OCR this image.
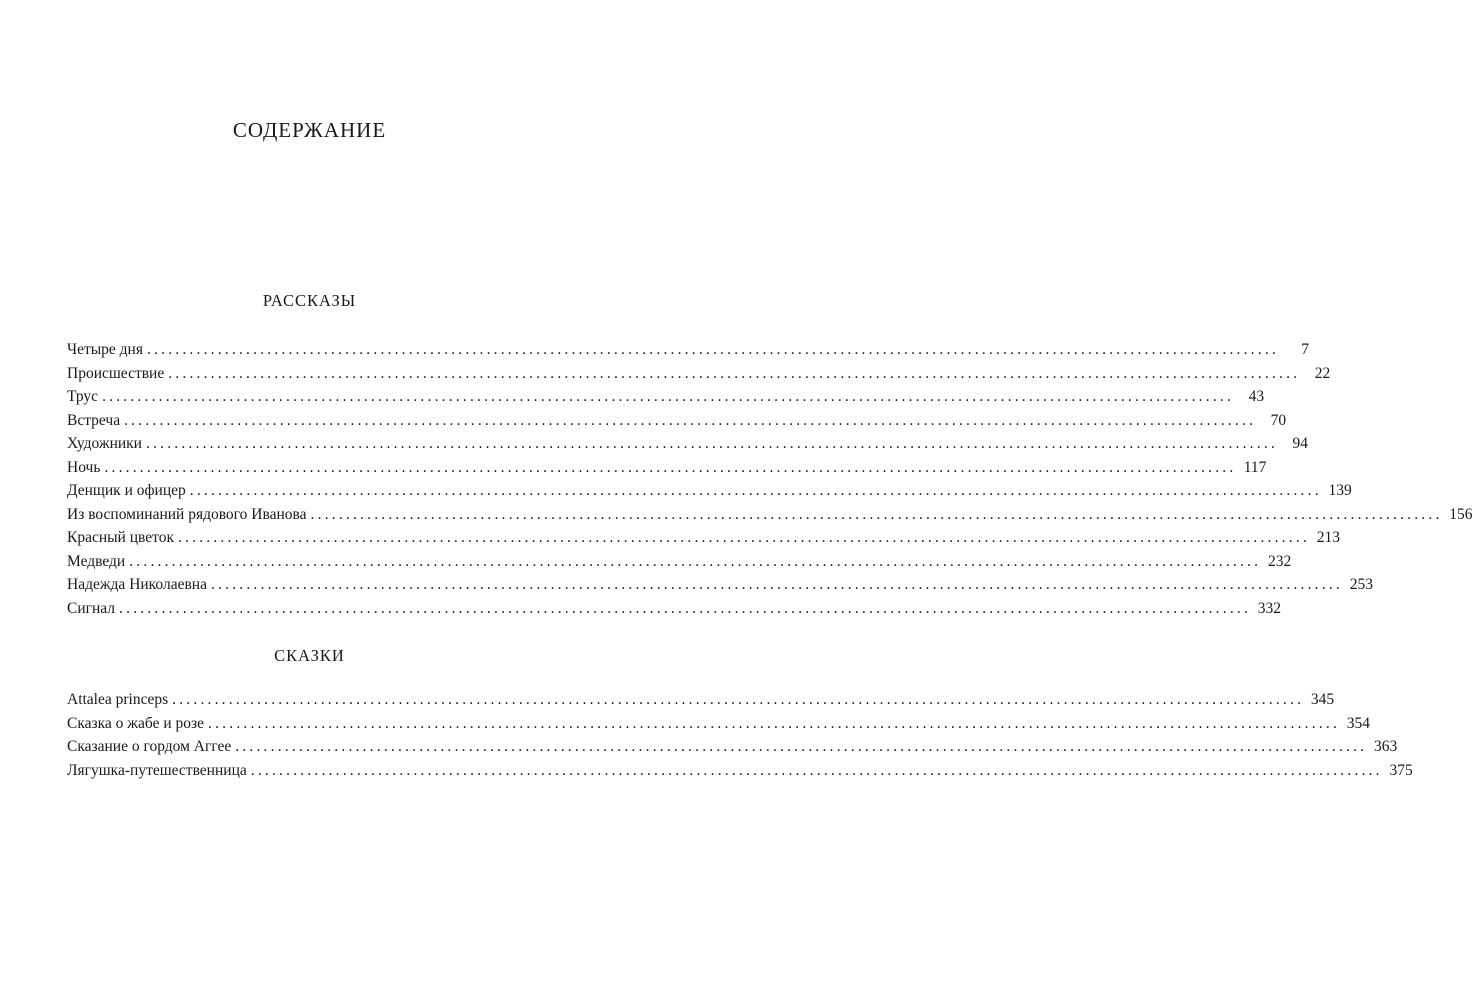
СОДЕРЖАНИЕ
РАССКАЗЫ
Четыре дня ................................................................................................................................................................	7
Происшествие ................................................................................................................................................................ 22
Трус ................................................................................................................................................................ 43
Встреча ................................................................................................................................................................ 70
Художники ................................................................................................................................................................ 94
Ночь ................................................................................................................................................................ 117
Денщик и офицер ................................................................................................................................................................ 139
Из воспоминаний рядового Иванова ................................................................................................................................................................ 156
Красный цветок ................................................................................................................................................................ 213
Медведи ................................................................................................................................................................ 232
Надежда Николаевна ................................................................................................................................................................ 253
Сигнал ................................................................................................................................................................ 332
СКАЗКИ
Attalea princeps ................................................................................................................................................................ 345
Сказка о жабе и розе ................................................................................................................................................................ 354
Сказание о гордом Аггее ................................................................................................................................................................ 363
Лягушка-путешественница ................................................................................................................................................................ 375
